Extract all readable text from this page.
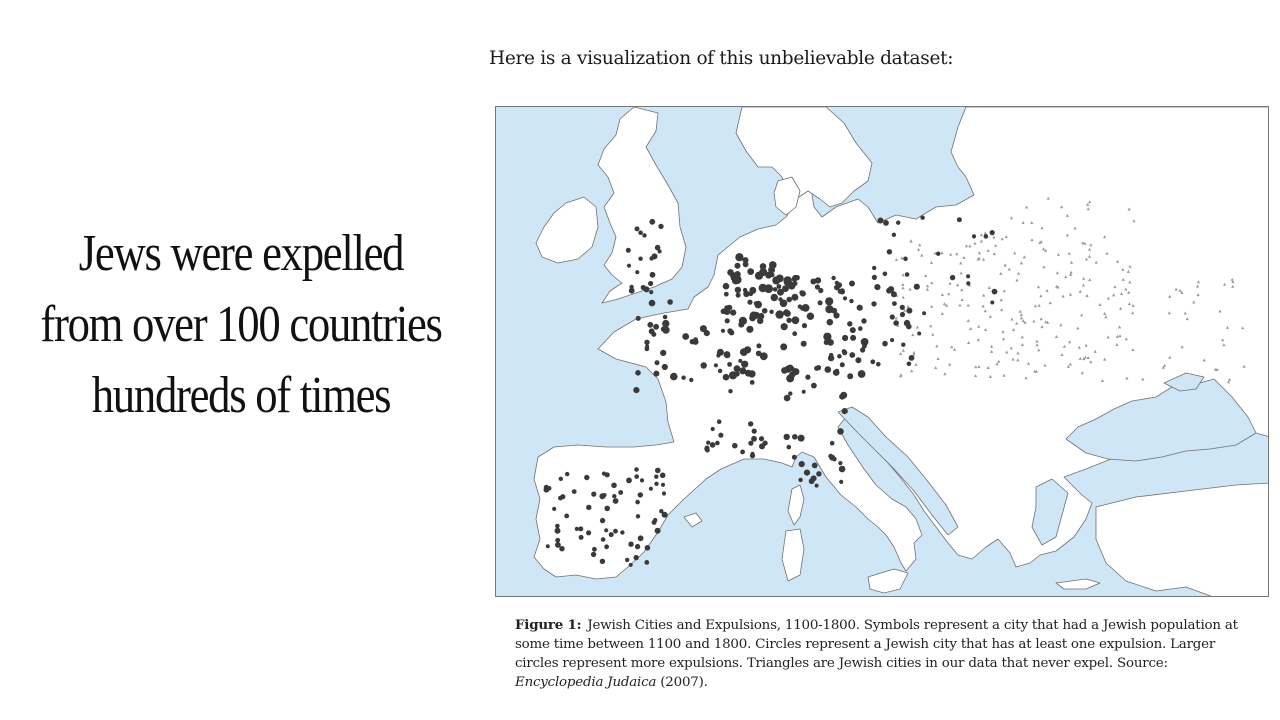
Jews were expelled
from over 100 countries
hundreds of times
Here is a visualization of this unbelievable dataset:
Figure 1: Jewish Cities and Expulsions, 1100-1800. Symbols represent a city that had a Jewish population at some time between 1100 and 1800. Circles represent a Jewish city that has at least one expulsion. Larger circles represent more expulsions. Triangles are Jewish cities in our data that never expel. Source: Encyclopedia Judaica (2007).
